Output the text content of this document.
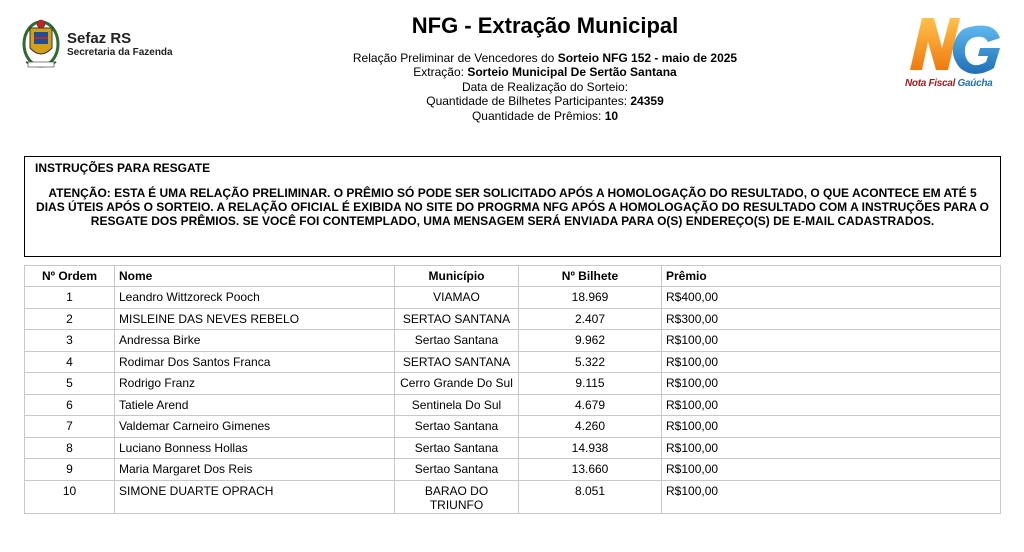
Sefaz RS
Secretaria da Fazenda
NFG - Extração Municipal
Relação Preliminar de Vencedores do Sorteio NFG 152 - maio de 2025
Extração: Sorteio Municipal De Sertão Santana
Data de Realização do Sorteio:
Quantidade de Bilhetes Participantes: 24359
Quantidade de Prêmios: 10
Nota Fiscal Gaúcha
INSTRUÇÕES PARA RESGATE
ATENÇÃO: ESTA É UMA RELAÇÃO PRELIMINAR. O PRÊMIO SÓ PODE SER SOLICITADO APÓS A HOMOLOGAÇÃO DO RESULTADO, O QUE ACONTECE EM ATÉ 5 DIAS ÚTEIS APÓS O SORTEIO. A RELAÇÃO OFICIAL É EXIBIDA NO SITE DO PROGRMA NFG APÓS A HOMOLOGAÇÃO DO RESULTADO COM A INSTRUÇÕES PARA O RESGATE DOS PRÊMIOS. SE VOCÊ FOI CONTEMPLADO, UMA MENSAGEM SERÁ ENVIADA PARA O(S) ENDEREÇO(S) DE E-MAIL CADASTRADOS.
Nº Ordem	Nome	Município	Nº Bilhete	Prêmio
1	Leandro Wittzoreck Pooch	VIAMAO	18.969	R$400,00
2	MISLEINE DAS NEVES REBELO	SERTAO SANTANA	2.407	R$300,00
3	Andressa Birke	Sertao Santana	9.962	R$100,00
4	Rodimar Dos Santos Franca	SERTAO SANTANA	5.322	R$100,00
5	Rodrigo Franz	Cerro Grande Do Sul	9.115	R$100,00
6	Tatiele Arend	Sentinela Do Sul	4.679	R$100,00
7	Valdemar Carneiro Gimenes	Sertao Santana	4.260	R$100,00
8	Luciano Bonness Hollas	Sertao Santana	14.938	R$100,00
9	Maria Margaret Dos Reis	Sertao Santana	13.660	R$100,00
10	SIMONE DUARTE OPRACH	BARAO DO TRIUNFO	8.051	R$100,00
